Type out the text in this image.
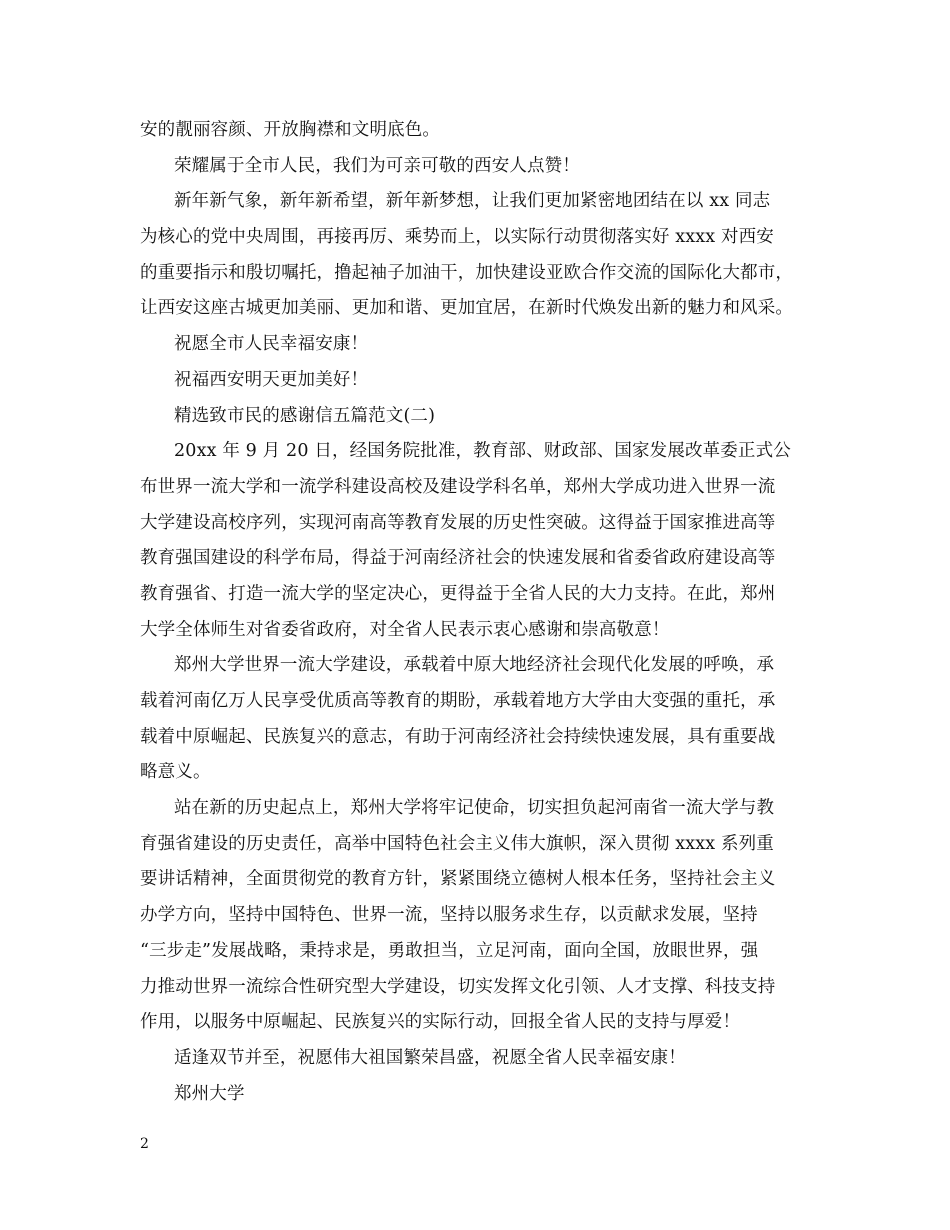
安的靓丽容颜、开放胸襟和文明底色。
荣耀属于全市人民，我们为可亲可敬的西安人点赞！
新年新气象，新年新希望，新年新梦想，让我们更加紧密地团结在以 xx 同志
为核心的党中央周围，再接再厉、乘势而上，以实际行动贯彻落实好 xxxx 对西安
的重要指示和殷切嘱托，撸起袖子加油干，加快建设亚欧合作交流的国际化大都市，
让西安这座古城更加美丽、更加和谐、更加宜居，在新时代焕发出新的魅力和风采。
祝愿全市人民幸福安康！
祝福西安明天更加美好！
精选致市民的感谢信五篇范文(二)
20xx 年 9 月 20 日，经国务院批准，教育部、财政部、国家发展改革委正式公
布世界一流大学和一流学科建设高校及建设学科名单，郑州大学成功进入世界一流
大学建设高校序列，实现河南高等教育发展的历史性突破。这得益于国家推进高等
教育强国建设的科学布局，得益于河南经济社会的快速发展和省委省政府建设高等
教育强省、打造一流大学的坚定决心，更得益于全省人民的大力支持。在此，郑州
大学全体师生对省委省政府，对全省人民表示衷心感谢和崇高敬意！
郑州大学世界一流大学建设，承载着中原大地经济社会现代化发展的呼唤，承
载着河南亿万人民享受优质高等教育的期盼，承载着地方大学由大变强的重托，承
载着中原崛起、民族复兴的意志，有助于河南经济社会持续快速发展，具有重要战
略意义。
站在新的历史起点上，郑州大学将牢记使命，切实担负起河南省一流大学与教
育强省建设的历史责任，高举中国特色社会主义伟大旗帜，深入贯彻 xxxx 系列重
要讲话精神，全面贯彻党的教育方针，紧紧围绕立德树人根本任务，坚持社会主义
办学方向，坚持中国特色、世界一流，坚持以服务求生存，以贡献求发展，坚持
“三步走”发展战略，秉持求是，勇敢担当，立足河南，面向全国，放眼世界，强
力推动世界一流综合性研究型大学建设，切实发挥文化引领、人才支撑、科技支持
作用，以服务中原崛起、民族复兴的实际行动，回报全省人民的支持与厚爱！
适逢双节并至，祝愿伟大祖国繁荣昌盛，祝愿全省人民幸福安康！
郑州大学
2
